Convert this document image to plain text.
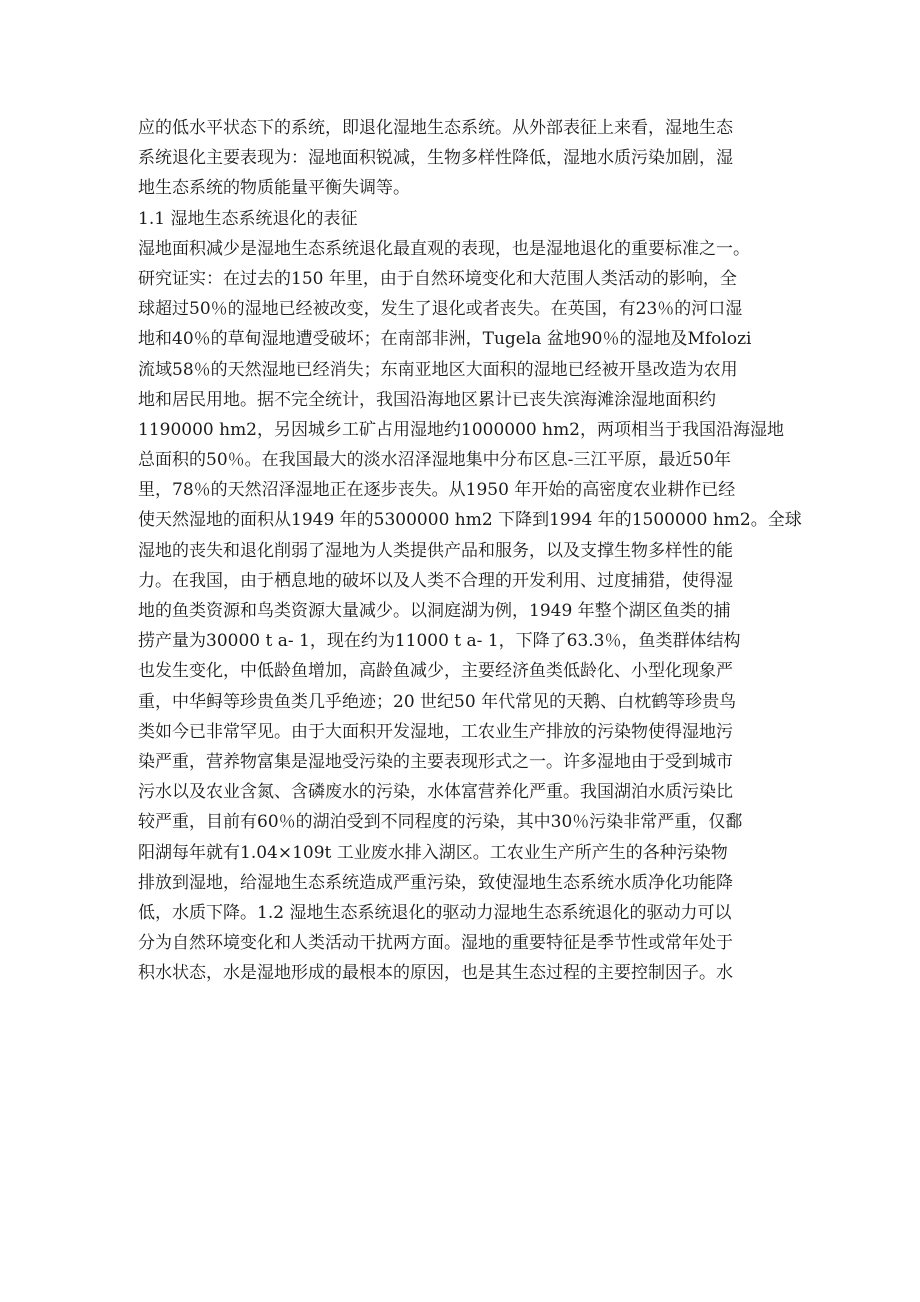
应的低水平状态下的系统，即退化湿地生态系统。从外部表征上来看，湿地生态
系统退化主要表现为：湿地面积锐减，生物多样性降低，湿地水质污染加剧，湿
地生态系统的物质能量平衡失调等。
1.1 湿地生态系统退化的表征
湿地面积减少是湿地生态系统退化最直观的表现，也是湿地退化的重要标准之一。
研究证实：在过去的150 年里，由于自然环境变化和大范围人类活动的影响，全
球超过50％的湿地已经被改变，发生了退化或者丧失。在英国，有23％的河口湿
地和40％的草甸湿地遭受破坏；在南部非洲，Tugela 盆地90％的湿地及Mfolozi
流域58％的天然湿地已经消失；东南亚地区大面积的湿地已经被开垦改造为农用
地和居民用地。据不完全统计，我国沿海地区累计已丧失滨海滩涂湿地面积约
1190000 hm2，另因城乡工矿占用湿地约1000000 hm2，两项相当于我国沿海湿地
总面积的50％。在我国最大的淡水沼泽湿地集中分布区息-三江平原，最近50年
里，78％的天然沼泽湿地正在逐步丧失。从1950 年开始的高密度农业耕作已经
使天然湿地的面积从1949 年的5300000 hm2 下降到1994 年的1500000 hm2。全球
湿地的丧失和退化削弱了湿地为人类提供产品和服务，以及支撑生物多样性的能
力。在我国，由于栖息地的破坏以及人类不合理的开发利用、过度捕猎，使得湿
地的鱼类资源和鸟类资源大量减少。以洞庭湖为例，1949 年整个湖区鱼类的捕
捞产量为30000 t a- 1，现在约为11000 t a- 1，下降了63.3％，鱼类群体结构
也发生变化，中低龄鱼增加，高龄鱼减少，主要经济鱼类低龄化、小型化现象严
重，中华鲟等珍贵鱼类几乎绝迹；20 世纪50 年代常见的天鹅、白枕鹤等珍贵鸟
类如今已非常罕见。由于大面积开发湿地，工农业生产排放的污染物使得湿地污
染严重，营养物富集是湿地受污染的主要表现形式之一。许多湿地由于受到城市
污水以及农业含氮、含磷废水的污染，水体富营养化严重。我国湖泊水质污染比
较严重，目前有60％的湖泊受到不同程度的污染，其中30％污染非常严重，仅鄱
阳湖每年就有1.04×109t 工业废水排入湖区。工农业生产所产生的各种污染物
排放到湿地，给湿地生态系统造成严重污染，致使湿地生态系统水质净化功能降
低，水质下降。1.2 湿地生态系统退化的驱动力湿地生态系统退化的驱动力可以
分为自然环境变化和人类活动干扰两方面。湿地的重要特征是季节性或常年处于
积水状态，水是湿地形成的最根本的原因，也是其生态过程的主要控制因子。水
